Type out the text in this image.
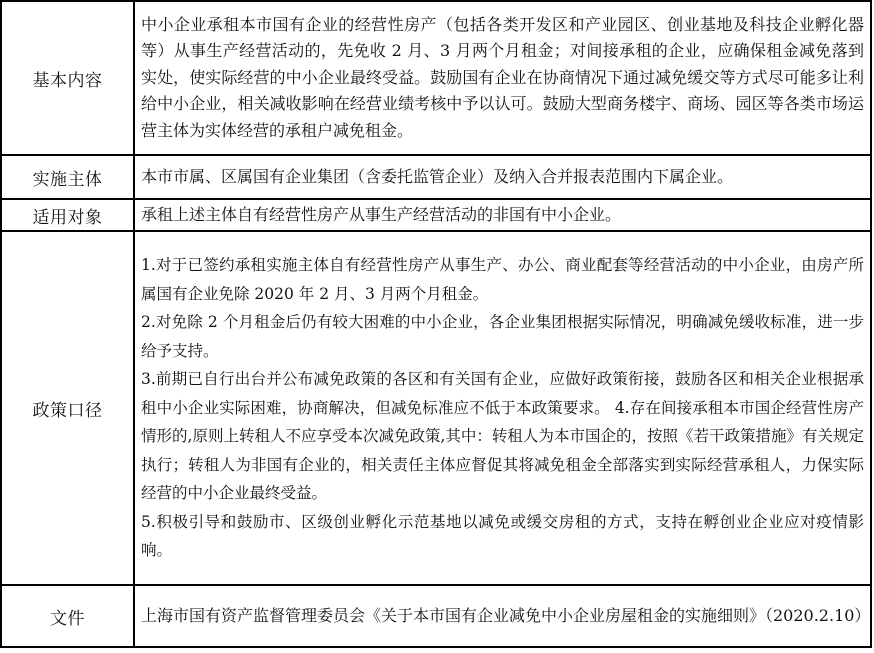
基本内容	中小企业承租本市国有企业的经营性房产（包括各类开发区和产业园区、创业基地及科技企业孵化器等）从事生产经营活动的，先免收 2 月、3 月两个月租金；对间接承租的企业，应确保租金减免落到实处，使实际经营的中小企业最终受益。鼓励国有企业在协商情况下通过减免缓交等方式尽可能多让利给中小企业，相关减收影响在经营业绩考核中予以认可。鼓励大型商务楼宇、商场、园区等各类市场运营主体为实体经营的承租户减免租金。

实施主体	本市市属、区属国有企业集团（含委托监管企业）及纳入合并报表范围内下属企业。

适用对象	承租上述主体自有经营性房产从事生产经营活动的非国有中小企业。

政策口径	1.对于已签约承租实施主体自有经营性房产从事生产、办公、商业配套等经营活动的中小企业，由房产所属国有企业免除 2020 年 2 月、3 月两个月租金。

2.对免除 2 个月租金后仍有较大困难的中小企业，各企业集团根据实际情况，明确减免缓收标准，进一步给予支持。

3.前期已自行出台并公布减免政策的各区和有关国有企业，应做好政策衔接，鼓励各区和相关企业根据承租中小企业实际困难，协商解决，但减免标准应不低于本政策要求。 4.存在间接承租本市国企经营性房产情形的,原则上转租人不应享受本次减免政策,其中：转租人为本市国企的，按照《若干政策措施》有关规定执行；转租人为非国有企业的，相关责任主体应督促其将减免租金全部落实到实际经营承租人，力保实际经营的中小企业最终受益。

5.积极引导和鼓励市、区级创业孵化示范基地以减免或缓交房租的方式，支持在孵创业企业应对疫情影响。

文件	上海市国有资产监督管理委员会《关于本市国有企业减免中小企业房屋租金的实施细则》（2020.2.10）
